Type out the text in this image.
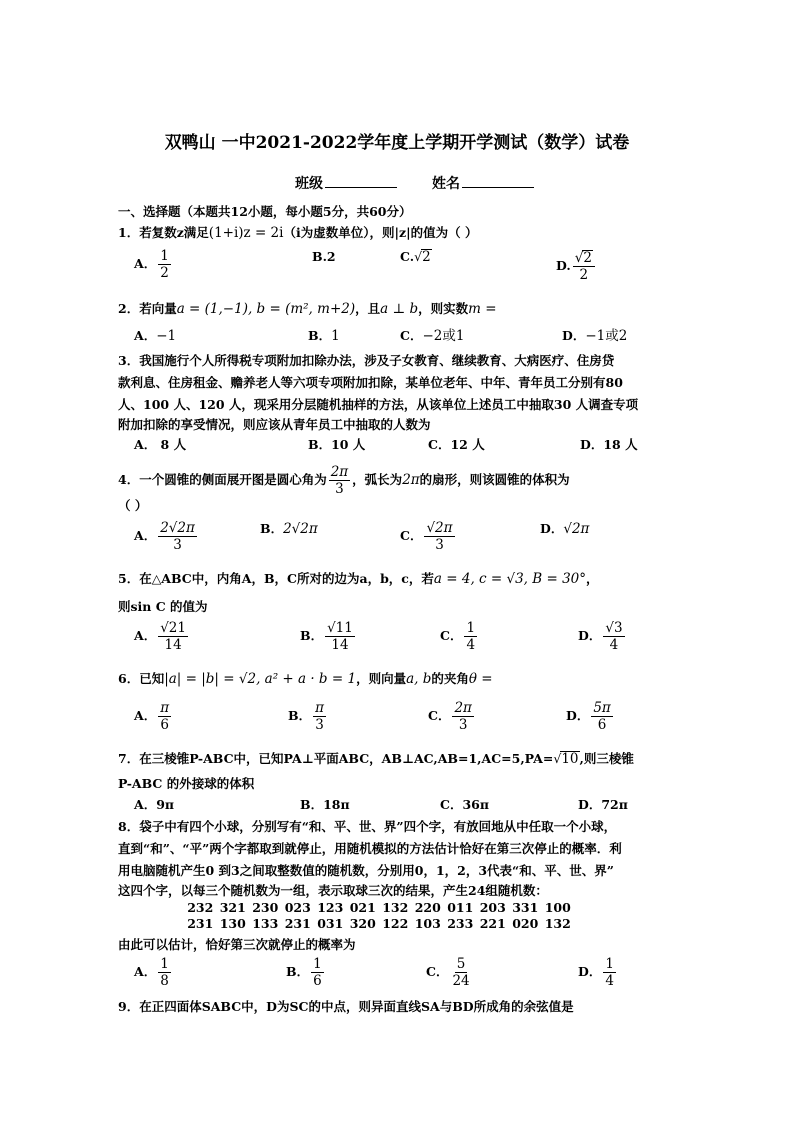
双鸭山 一中2021-2022学年度上学期开学测试（数学）试卷
班级	姓名
一、选择题（本题共12小题，每小题5分，共60分）
1．若复数z满足(1+i)z = 2i（i为虚数单位），则|z|的值为（ ）
A． $\frac{1}{2}$	B.2	C.√2
D. $\frac{√2}{2}$
2．若向量a = (1,−1), b = (m², m+2)，且a ⊥ b，则实数m =
A．−1	B．1	C．−2或1	D．−1或2
3．我国施行个人所得税专项附加扣除办法，涉及子女教育、继续教育、大病医疗、住房贷
款利息、住房租金、赡养老人等六项专项附加扣除，某单位老年、中年、青年员工分别有80
人、100 人、120 人，现采用分层随机抽样的方法，从该单位上述员工中抽取30 人调查专项
附加扣除的享受情况，则应该从青年员工中抽取的人数为
A． 8 人	B．10 人	C．12 人	D．18 人
4．一个圆锥的侧面展开图是圆心角为 $\frac{2\pi}{3}$ ，弧长为2π的扇形，则该圆锥的体积为
（ ）
A． $\frac{2√2\pi}{3}$	B．2√2π	C． $\frac{√2\pi}{3}$	D．√2π
5．在△ABC中，内角A，B，C所对的边为a，b，c，若a = 4, c = √3, B = 30°，
则sin C 的值为
A． $\frac{√21}{14}$	B． $\frac{√11}{14}$	C． $\frac{1}{4}$	D． $\frac{√3}{4}$
6．已知|a| = |b| = √2, a² + a · b = 1，则向量a, b的夹角θ =
A． $\frac{\pi}{6}$	B． $\frac{\pi}{3}$	C． $\frac{2\pi}{3}$	D． $\frac{5\pi}{6}$
7．在三棱锥P-ABC中，已知PA⊥平面ABC，AB⊥AC,AB=1,AC=5,PA=√10,则三棱锥
P-ABC 的外接球的体积
A．9π	B．18π	C．36π	D．72π
8．袋子中有四个小球，分别写有“和、平、世、界”四个字，有放回地从中任取一个小球，
直到“和”、“平”两个字都取到就停止，用随机模拟的方法估计恰好在第三次停止的概率．利
用电脑随机产生0 到3之间取整数值的随机数，分别用0，1，2，3代表“和、平、世、界”
这四个字，以每三个随机数为一组，表示取球三次的结果，产生24组随机数：
232 321 230 023 123 021 132 220 011 203 331 100
231 130 133 231 031 320 122 103 233 221 020 132
由此可以估计，恰好第三次就停止的概率为
A． $\frac{1}{8}$	B． $\frac{1}{6}$	C． $\frac{5}{24}$	D． $\frac{1}{4}$
9．在正四面体SABC中，D为SC的中点，则异面直线SA与BD所成角的余弦值是
